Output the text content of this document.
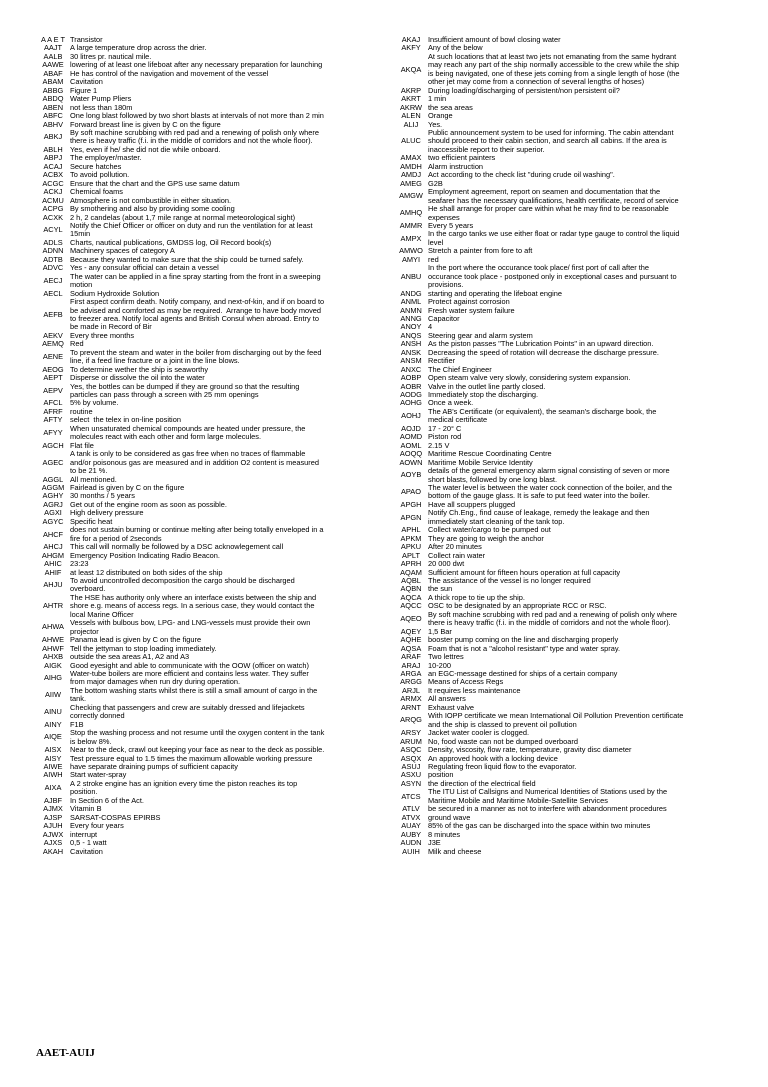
A A E T Transistor
AAJT	A large temperature drop across the drier.
AALB	30 litres pr. nautical mile.
AAWE lowering of at least one lifeboat after any necessary preparation for launching
ABAF He has control of the navigation and movement of the vessel
ABAM Cavitation
ABBG Figure 1
ABDQ Water Pump Pliers
ABEN not less than 180m
ABFC One long blast followed by two short blasts at intervals of not more than 2 min
ABHV Forward breast line is given by C on the figure
ABKJ	By soft machine scrubbing with red pad and a renewing of polish only where
there is heavy traffic (f.i. in the middle of corridors and not the whole floor).
ABLH Yes, even if he/ she did not die while onboard.
ABPJ	The employer/master.
ACAJ	Secure hatches
ACBX To avoid pollution.
ACGC Ensure that the chart and the GPS use same datum
ACKJ	Chemical foams
ACMU Atmosphere is not combustible in either situation.
ACPG By smothering and also by providing some cooling
ACXK 2 h, 2 candelas (about 1,7 mile range at normal meteorological sight)
ACYL Notify the Chief Officer or officer on duty and run the ventilation for at least
15min
ADLS Charts, nautical publications, GMDSS log, Oil Record book(s)
ADNN Machinery spaces of category A
ADTB Because they wanted to make sure that the ship could be turned safely.
ADVC Yes - any consular official can detain a vessel
AECJ	The water can be applied in a fine spray starting from the front in a sweeping
motion
AECL Sodium Hydroxide Solution
AEFB
First aspect confirm death. Notify company, and next-of-kin, and if on board to
be advised and comforted as may be required.  Arrange to have body moved
to freezer area. Notify local agents and British Consul when abroad. Entry to
be made in Record of Bir
AEKV Every three months
AEMQ Red
AENE To prevent the steam and water in the boiler from discharging out by the feed
line, if a feed line fracture or a joint in the line blows.
AEOG To determine wether the ship is seaworthy
AEPT Disperse or dissolve the oil into the water
AEPV Yes, the bottles can be dumped if they are ground so that the resulting
particles can pass through a screen with 25 mm openings
AFCL	5% by volume.
AFRF routine
AFTY	select  the telex in on-line position
AFYY When unsaturated chemical compounds are heated under pressure, the
molecules react with each other and form large molecules.
AGCH Flat file
AGEC
A tank is only to be considered as gas free when no traces of flammable
and/or poisonous gas are measured and in addition O2 content is measured
to be 21 %.
AGGL All mentioned.
AGGM Fairlead is given by C on the figure
AGHY 30 months / 5 years
AGRJ Get out of the engine room as soon as possible.
AGXI	High delivery pressure
AGYC Specific heat
AHCF does not sustain burning or continue melting after being totally enveloped in a
fire for a period of 2seconds
AHCJ This call will normally be followed by a DSC acknowlegement call
AHGM Emergency Position Indicating Radio Beacon.
AHIC	23:23
AHIF	at least 12 distributed on both sides of the ship
AHJU To avoid uncontrolled decomposition the cargo should be discharged
overboard.
AHTR
The HSE has authority only where an interface exists between the ship and
shore e.g. means of access regs. In a serious case, they would contact the
local Marine Officer
AHWA Vessels with bulbous bow, LPG- and LNG-vessels must provide their own
projector
AHWE Panama lead is given by C on the figure
AHWF Tell the jettyman to stop loading immediately.
AHXB outside the sea areas A1, A2 and A3
AIGK	Good eyesight and able to communicate with the OOW (officer on watch)
AIHG	Water-tube boilers are more efficient and contains less water. They suffer
from major damages when run dry during operation.
AIIW	The bottom washing starts whilst there is still a small amount of cargo in the
tank.
AINU	Checking that passengers and crew are suitably dressed and lifejackets
correctly donned
AINY	F1B
AIQE	Stop the washing process and not resume until the oxygen content in the tank
is below 8%.
AISX	Near to the deck, crawl out keeping your face as near to the deck as possible.
AISY	Test pressure equal to 1.5 times the maximum allowable working pressure
AIWE	have separate draining pumps of sufficient capacity
AIWH Start water-spray
AIXA	A 2 stroke engine has an ignition every time the piston reaches its top
position.
AJBF	In Section 6 of the Act.
AJMX Vitamin B
AJSP	SARSAT-COSPAS EPIRBS
AJUH Every four years
AJWX interrupt
AJXS	0,5 - 1 watt
AKAH Cavitation
AKAJ	Insufficient amount of bowl closing water
AKFY Any of the below
AKQA
At such locations that at least two jets not emanating from the same hydrant
may reach any part of the ship normally accessible to the crew while the ship
is being navigated, one of these jets coming from a single length of hose (the
other jet may come from a connection of several lengths of hoses)
AKRP During loading/discharging of persistent/non persistent oil?
AKRT 1 min
AKRW the sea areas
ALEN Orange
ALIJ	Yes.
ALUC
Public announcement system to be used for informing. The cabin attendant
should proceed to their cabin section, and search all cabins. If the area is
inaccessible report to their superior.
AMAX two efficient painters
AMDH Alarm instruction
AMDJ Act according to the check list "during crude oil washing".
AMEG G2B
AMGW Employment agreement, report on seamen and documentation that the
seafarer has the necessary qualifications, health certificate, record of service
AMHQ He shall arrange for proper care within what he may find to be reasonable
expenses
AMMR Every 5 years
AMPX In the cargo tanks we use either float or radar type gauge to control the liquid
level
AMWO Stretch a painter from fore to aft
AMYI	red
ANBU
In the port where the occurance took place/ first port of call after the
occurance took place - postponed only in exceptional cases and pursuant to
provisions.
ANDG starting and operating the lifeboat engine
ANML Protect against corrosion
ANMN Fresh water system failure
ANNG Capacitor
ANOY 4
ANQS Steering gear and alarm system
ANSH As the piston passes "The Lubrication Points" in an upward direction.
ANSK Decreasing the speed of rotation will decrease the discharge pressure.
ANSM Rectifier
ANXC The Chief Engineer
AOBP Open steam valve very slowly, considering system expansion.
AOBR Valve in the outlet line partly closed.
AODG Immediately stop the discharging.
AOHG Once a week.
AOHJ The AB's Certificate (or equivalent), the seaman's discharge book, the
medical certificate
AOJD 17 - 20° C
AOMD Piston rod
AOML 2.15 V
AOQQ Maritime Rescue Coordinating Centre
AOWN Maritime Mobile Service Identity
AOYB details of the general emergency alarm signal consisting of seven or more
short blasts, followed by one long blast.
APAO The water level is between the water cock connection of the boiler, and the
bottom of the gauge glass. It is safe to put feed water into the boiler.
APGH Have all scuppers plugged
APGN Notify Ch.Eng., find cause of leakage, remedy the leakage and then
immediately start cleaning of the tank top.
APHL Collect water/cargo to be pumped out
APKM They are going to weigh the anchor
APKU After 20 minutes
APLT	Collect rain water
APRH 20 000 dwt
AQAM Sufficient amount for fifteen hours operation at full capacity
AQBL The assistance of the vessel is no longer required
AQBN the sun
AQCA A thick rope to tie up the ship.
AQCC OSC to be designated by an appropriate RCC or RSC.
AQEO By soft machine scrubbing with red pad and a renewing of polish only where
there is heavy traffic (f.i. in the middle of corridors and not the whole floor).
AQEY 1,5 Bar
AQHE booster pump coming on the line and discharging properly
AQSA Foam that is not a "alcohol resistant" type and water spray.
ARAF Two lettres
ARAJ	10-200
ARGA an EGC-message destined for ships of a certain company
ARGG Means of Access Regs
ARJL	It requires less maintenance
ARMX All answers
ARNT Exhaust valve
ARQG With IOPP certificate we mean International Oil Pollution Prevention certificate
and the ship is classed to prevent oil pollution
ARSY Jacket water cooler is clogged.
ARUM No, food waste can not be dumped overboard
ASQC Density, viscosity, flow rate, temperature, gravity disc diameter
ASQX An approved hook with a locking device
ASUJ	Regulating freon liquid flow to the evaporator.
ASXU position
ASYN the direction of the electrical field
ATCS	The ITU List of Callsigns and Numerical Identities of Stations used by the
Maritime Mobile and Maritime Mobile-Satellite Services
ATLV	be secured in a manner as not to interfere with abandonment procedures
ATVX	ground wave
AUAY 85% of the gas can be discharged into the space within two minutes
AUBY 8 minutes
AUDN J3E
AUIH	Milk and cheese
AAET-AUIJ
